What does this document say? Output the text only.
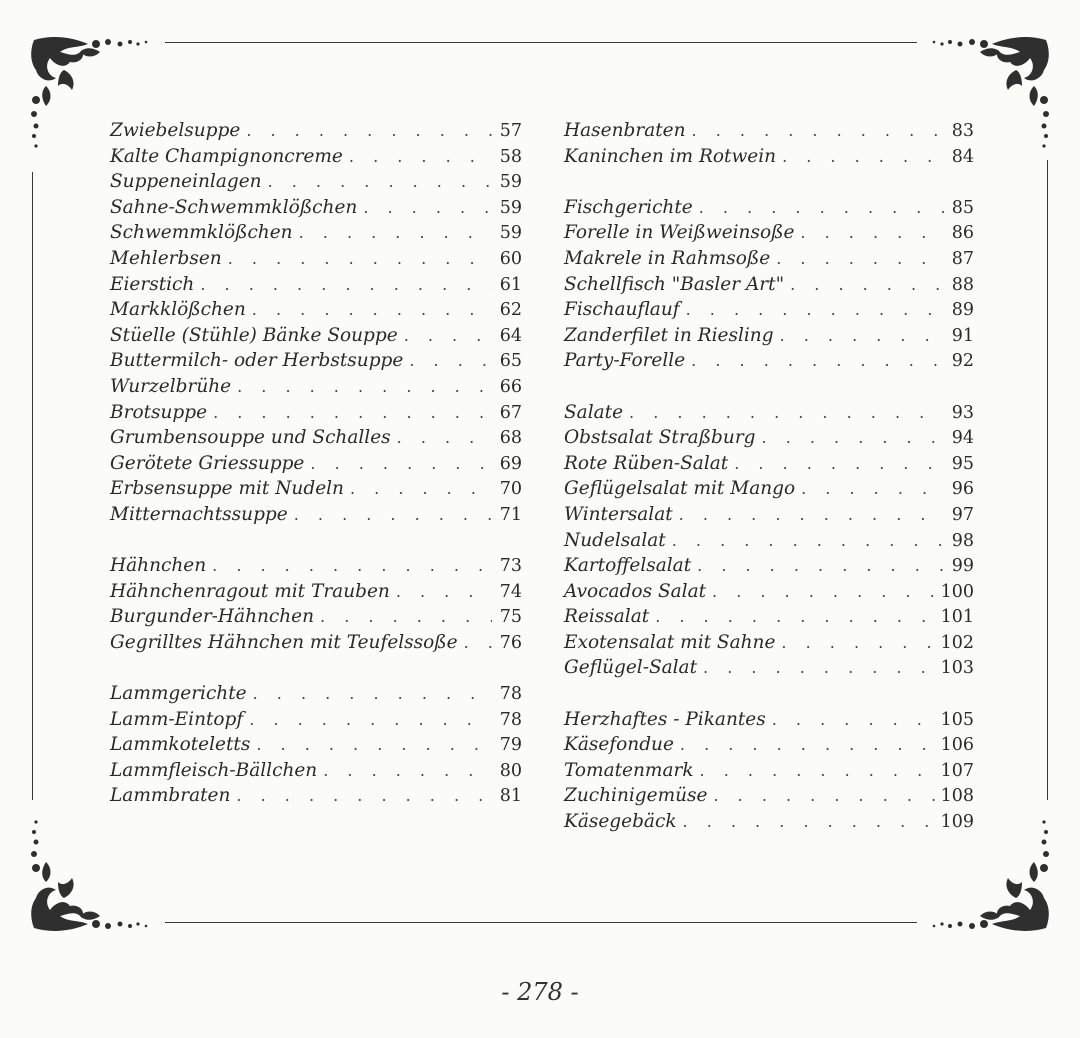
Zwiebelsuppe . . .	57
Kalte Champignoncreme . . .	58
Suppeneinlagen . . .	59
Sahne-Schwemmklößchen . . .	59
Schwemmklößchen . . .	59
Mehlerbsen . . .	60
Eierstich . . .	61
Markklößchen . . .	62
Stüelle (Stühle) Bänke Souppe . . .	64
Buttermilch- oder Herbstsuppe . . .	65
Wurzelbrühe . . .	66
Brotsuppe . . .	67
Grumbensouppe und Schalles . . .	68
Gerötete Griessuppe . . .	69
Erbsensuppe mit Nudeln . . .	70
Mitternachtssuppe . . .	71
Hähnchen . . .	73
Hähnchenragout mit Trauben . . .	74
Burgunder-Hähnchen . . .	75
Gegrilltes Hähnchen mit Teufelssoße . . . 76
Lammgerichte . . .	78
Lamm-Eintopf . . .	78
Lammkoteletts . . .	79
Lammfleisch-Bällchen . . .	80
Lammbraten . . .	81
Hasenbraten . . .	83
Kaninchen im Rotwein . . .	84
Fischgerichte . . .	85
Forelle in Weißweinsoße . . .	86
Makrele in Rahmsoße . . .	87
Schellfisch "Basler Art" . . .	88
Fischauflauf . . .	89
Zanderfilet in Riesling . . .	91
Party-Forelle . . .	92
Salate . . .	93
Obstsalat Straßburg . . .	94
Rote Rüben-Salat . . .	95
Geflügelsalat mit Mango . . .	96
Wintersalat . . .	97
Nudelsalat . . .	98
Kartoffelsalat . . .	99
Avocados Salat . . .	100
Reissalat . . .	101
Exotensalat mit Sahne . . .	102
Geflügel-Salat . . .	103
Herzhaftes - Pikantes . . .	105
Käsefondue . . .	106
Tomatenmark . . .	107
Zuchinigemüse . . .	108
Käsegebäck . . .	109
- 278 -
